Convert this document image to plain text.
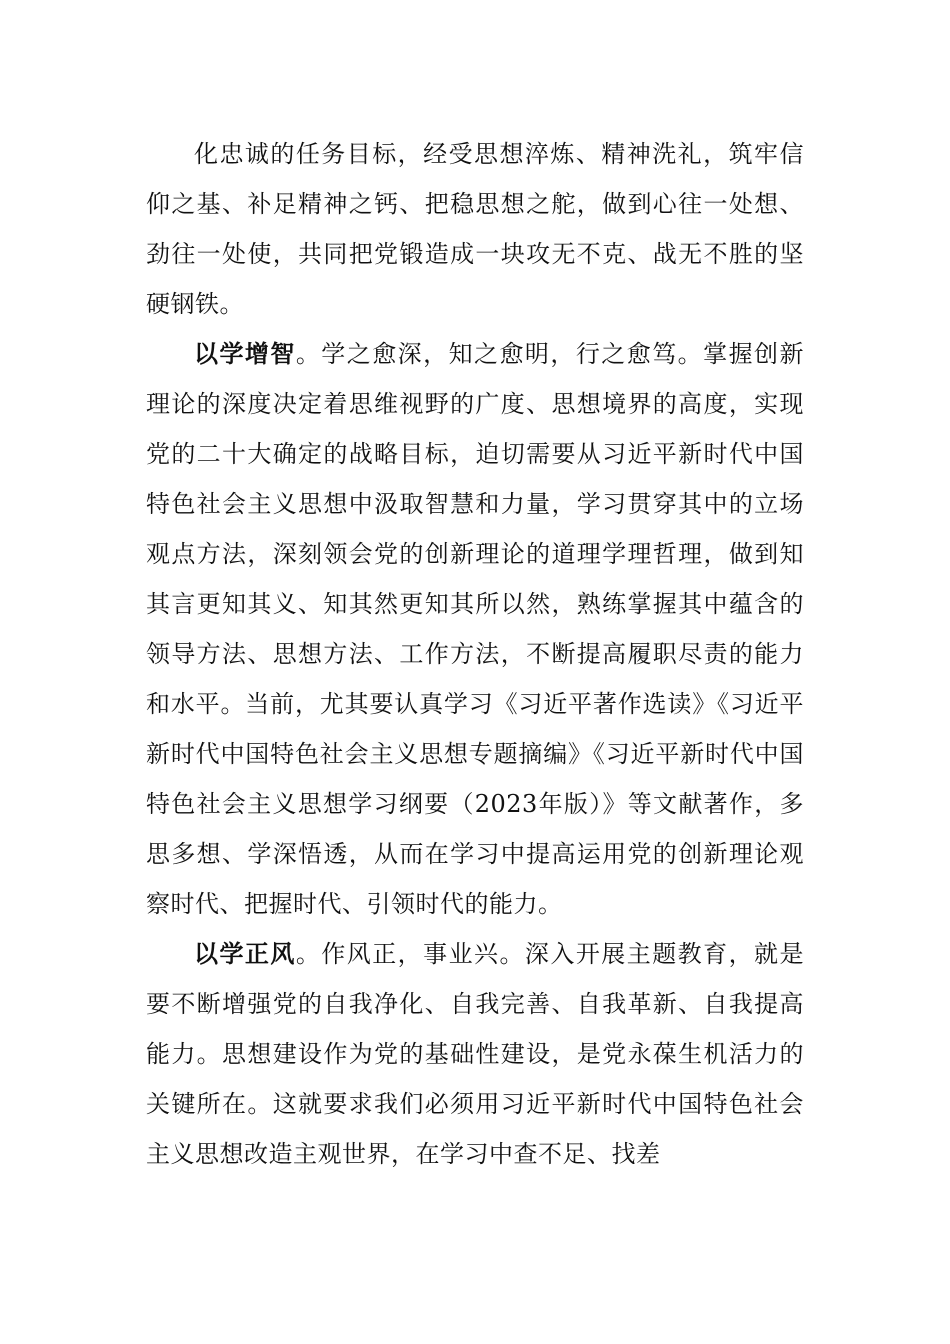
化忠诚的任务目标，经受思想淬炼、精神洗礼，筑牢信仰之基、补足精神之钙、把稳思想之舵，做到心往一处想、劲往一处使，共同把党锻造成一块攻无不克、战无不胜的坚硬钢铁。

以学增智。学之愈深，知之愈明，行之愈笃。掌握创新理论的深度决定着思维视野的广度、思想境界的高度，实现党的二十大确定的战略目标，迫切需要从习近平新时代中国特色社会主义思想中汲取智慧和力量，学习贯穿其中的立场观点方法，深刻领会党的创新理论的道理学理哲理，做到知其言更知其义、知其然更知其所以然，熟练掌握其中蕴含的领导方法、思想方法、工作方法，不断提高履职尽责的能力和水平。当前，尤其要认真学习《习近平著作选读》《习近平新时代中国特色社会主义思想专题摘编》《习近平新时代中国特色社会主义思想学习纲要（2023年版）》等文献著作，多思多想、学深悟透，从而在学习中提高运用党的创新理论观察时代、把握时代、引领时代的能力。

以学正风。作风正，事业兴。深入开展主题教育，就是要不断增强党的自我净化、自我完善、自我革新、自我提高能力。思想建设作为党的基础性建设，是党永葆生机活力的关键所在。这就要求我们必须用习近平新时代中国特色社会主义思想改造主观世界，在学习中查不足、找差
